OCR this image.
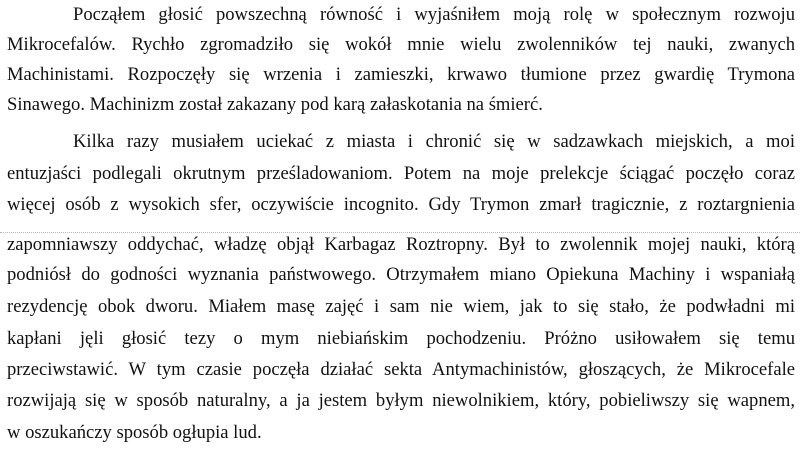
Począłem głosić powszechną równość i wyjaśniłem moją rolę w społecznym rozwoju
Mikrocefalów. Rychło zgromadziło się wokół mnie wielu zwolenników tej nauki, zwanych
Machinistami. Rozpoczęły się wrzenia i zamieszki, krwawo tłumione przez gwardię Trymona
Sinawego. Machinizm został zakazany pod karą załaskotania na śmierć.
Kilka razy musiałem uciekać z miasta i chronić się w sadzawkach miejskich, a moi
entuzjaści podlegali okrutnym prześladowaniom. Potem na moje prelekcje ściągać poczęło coraz
więcej osób z wysokich sfer, oczywiście incognito. Gdy Trymon zmarł tragicznie, z roztargnienia
zapomniawszy oddychać, władzę objął Karbagaz Roztropny. Był to zwolennik mojej nauki, którą
podniósł do godności wyznania państwowego. Otrzymałem miano Opiekuna Machiny i wspaniałą
rezydencję obok dworu. Miałem masę zajęć i sam nie wiem, jak to się stało, że podwładni mi
kapłani jęli głosić tezy o mym niebiańskim pochodzeniu. Próżno usiłowałem się temu
przeciwstawić. W tym czasie poczęła działać sekta Antymachinistów, głoszących, że Mikrocefale
rozwijają się w sposób naturalny, a ja jestem byłym niewolnikiem, który, pobieliwszy się wapnem,
w oszukańczy sposób ogłupia lud.
